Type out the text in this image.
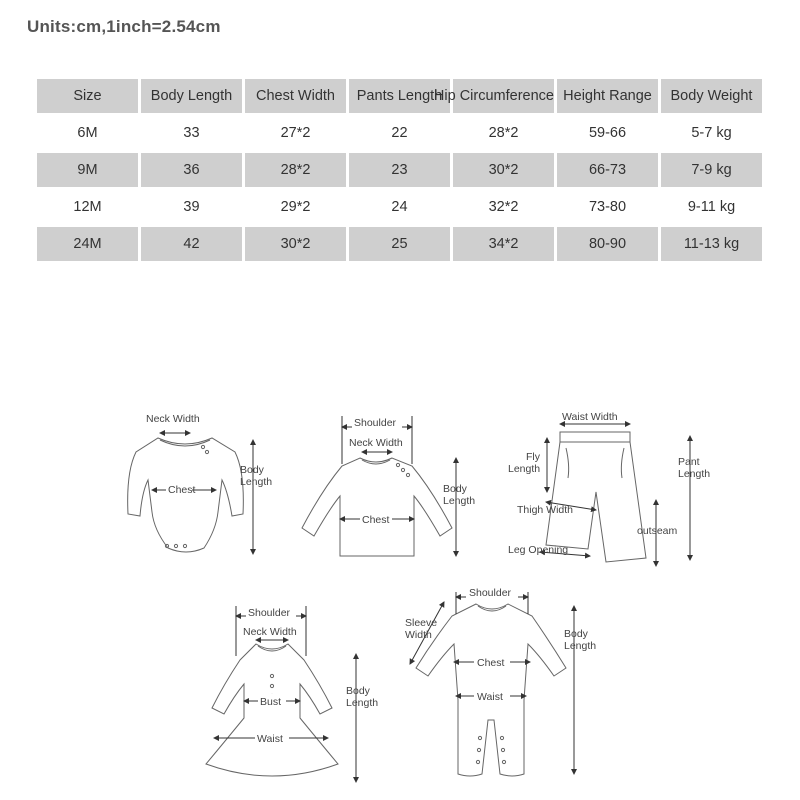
Units:cm,1inch=2.54cm
Size	Body Length	Chest Width	Pants Length	Hip Circumference	Height Range	Body Weight
6M	33	27*2	22	28*2	59-66	5-7 kg
9M	36	28*2	23	30*2	66-73	7-9 kg
12M	39	29*2	24	32*2	73-80	9-11 kg
24M	42	30*2	25	34*2	80-90	11-13 kg
Neck Width
Chest
Body
Length
Shoulder
Neck Width
Chest
Body
Length
Waist Width
Fly
Length
Pant
Length
Thigh Width
outseam
Leg Opening
Shoulder
Neck Width
Bust
Waist
Body
Length
Shoulder
Sleeve
Width
Chest
Waist
Body
Length
